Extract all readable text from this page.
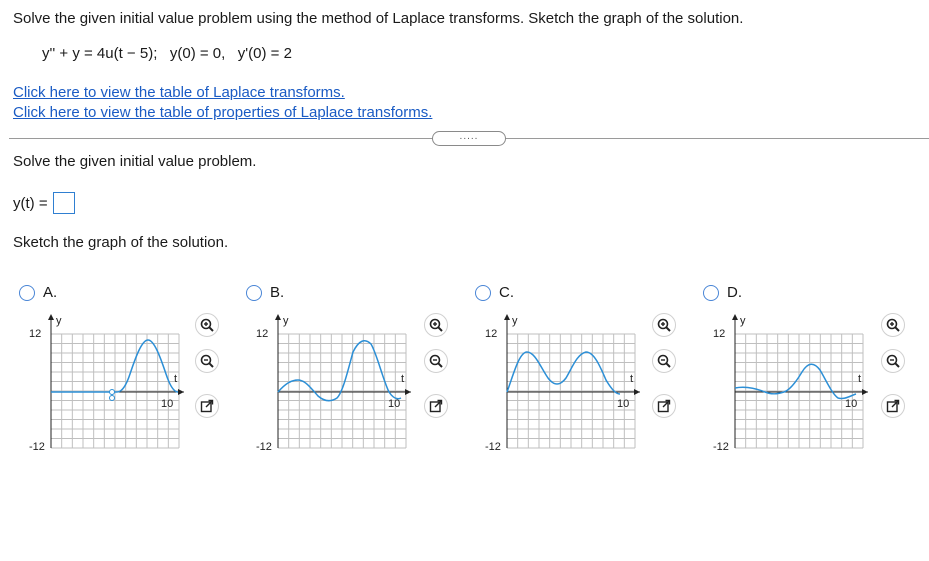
Solve the given initial value problem using the method of Laplace transforms. Sketch the graph of the solution.
y'' + y = 4u(t − 5);   y(0) = 0,   y'(0) = 2
Click here to view the table of Laplace transforms.
Click here to view the table of properties of Laplace transforms.
.....
Solve the given initial value problem.
y(t) =
Sketch the graph of the solution.
A.
y
t
12
-12
10
B.
y
t
12
-12
10
C.
y
t
12
-12
10
D.
y
t
12
-12
10
